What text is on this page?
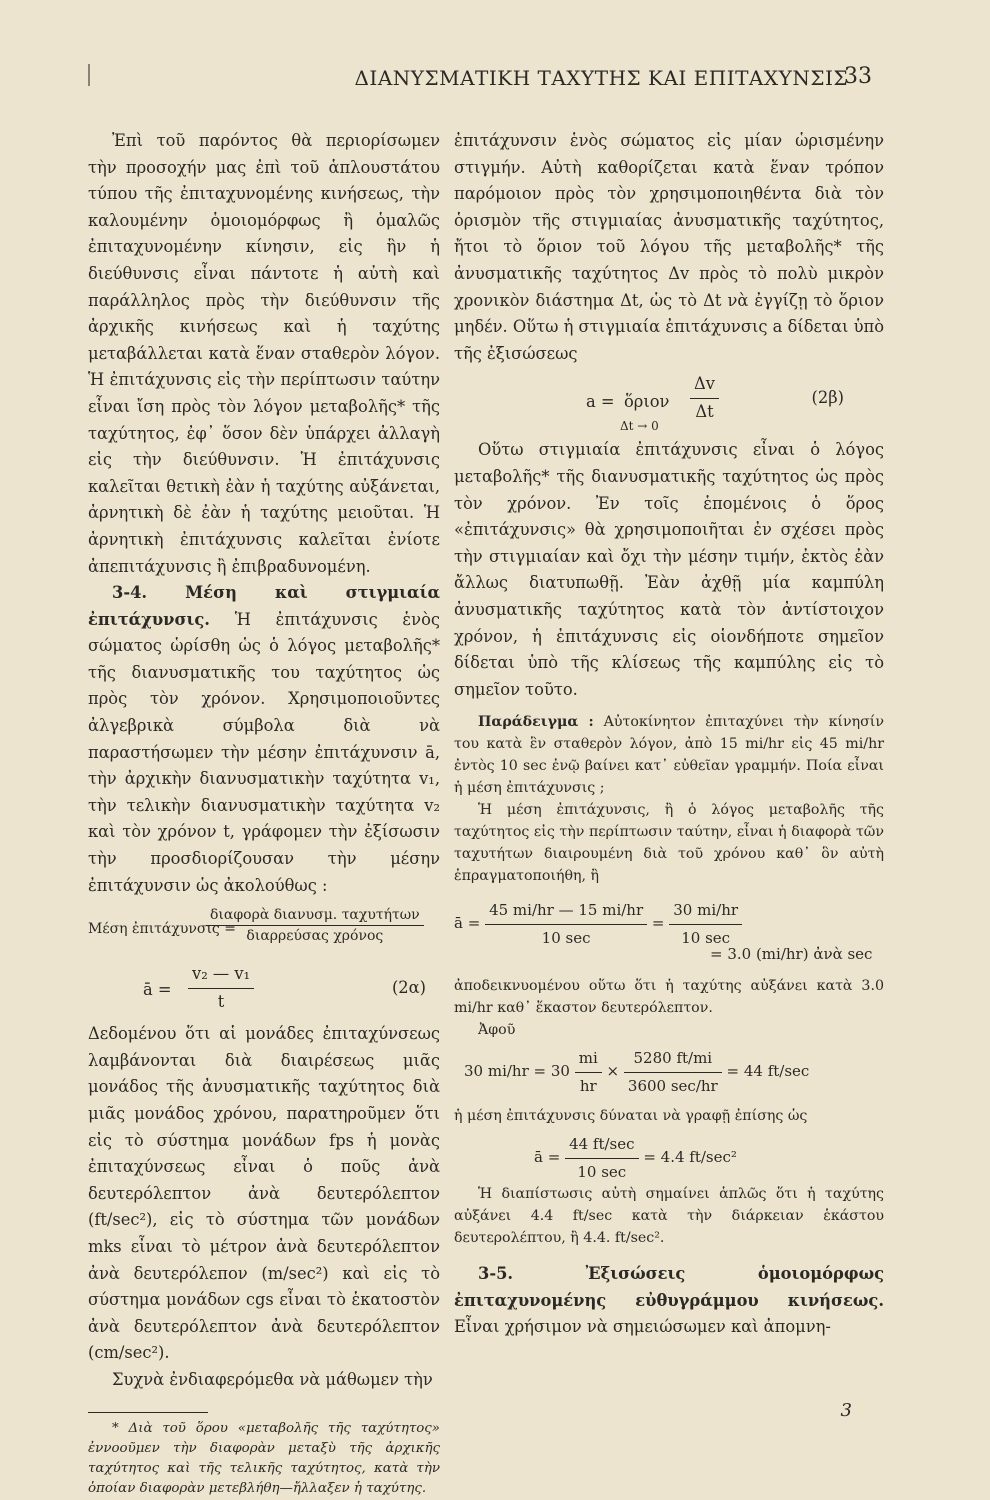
ΔΙΑΝΥΣΜΑΤΙΚΗ ΤΑΧΥΤΗΣ ΚΑΙ ΕΠΙΤΑΧΥΝΣΙΣ
33

Ἐπὶ τοῦ παρόντος θὰ περιορίσωμεν τὴν προσοχήν μας ἐπὶ τοῦ ἁπλουστάτου τύπου τῆς ἐπιταχυνομένης κινήσεως, τὴν καλουμένην ὁμοιομόρφως ἢ ὁμαλῶς ἐπιταχυνομένην κίνησιν, εἰς ἣν ἡ διεύθυνσις εἶναι πάντοτε ἡ αὐτὴ καὶ παράλληλος πρὸς τὴν διεύθυνσιν τῆς ἀρχικῆς κινήσεως καὶ ἡ ταχύτης μεταβάλλεται κατὰ ἕναν σταθερὸν λόγον. Ἡ ἐπιτάχυνσις εἰς τὴν περίπτωσιν ταύτην εἶναι ἴση πρὸς τὸν λόγον μεταβολῆς* τῆς ταχύτητος, ἐφ᾿ ὅσον δὲν ὑπάρχει ἀλλαγὴ εἰς τὴν διεύθυνσιν. Ἡ ἐπιτάχυνσις καλεῖται θετικὴ ἐὰν ἡ ταχύτης αὐξάνεται, ἀρνητικὴ δὲ ἐὰν ἡ ταχύτης μειοῦται. Ἡ ἀρνητικὴ ἐπιτάχυνσις καλεῖται ἐνίοτε ἀπεπιτάχυνσις ἢ ἐπιβραδυνομένη.

3-4. Μέση καὶ στιγμιαία ἐπιτάχυνσις. Ἡ ἐπιτάχυνσις ἑνὸς σώματος ὡρίσθη ὡς ὁ λόγος μεταβολῆς* τῆς διανυσματικῆς του ταχύτητος ὡς πρὸς τὸν χρόνον. Χρησιμοποιοῦντες ἀλγεβρικὰ σύμβολα διὰ νὰ παραστήσωμεν τὴν μέσην ἐπιτάχυνσιν ā, τὴν ἀρχικὴν διανυσματικὴν ταχύτητα v₁, τὴν τελικὴν διανυσματικὴν ταχύτητα v₂ καὶ τὸν χρόνον t, γράφομεν τὴν ἐξίσωσιν τὴν προσδιορίζουσαν τὴν μέσην ἐπιτάχυνσιν ὡς ἀκολούθως :

Μέση ἐπιτάχυνσις =
διαφορὰ διανυσμ. ταχυτήτων
διαρρεύσας χρόνος
ā = $\frac{\text{v₂ — v₁}}{t}$	(2α)

Δεδομένου ὅτι αἱ μονάδες ἐπιταχύνσεως λαμβάνονται διὰ διαιρέσεως μιᾶς μονάδος τῆς ἀνυσματικῆς ταχύτητος διὰ μιᾶς μονάδος χρόνου, παρατηροῦμεν ὅτι εἰς τὸ σύστημα μονάδων fps ἡ μονὰς ἐπιταχύνσεως εἶναι ὁ ποῦς ἀνὰ δευτερόλεπτον ἀνὰ δευτερόλεπτον (ft/sec²), εἰς τὸ σύστημα τῶν μονάδων mks εἶναι τὸ μέτρον ἀνὰ δευτερόλεπτον ἀνὰ δευτερόλεπον (m/sec²) καὶ εἰς τὸ σύστημα μονάδων cgs εἶναι τὸ ἑκατοστὸν ἀνὰ δευτερόλεπτον ἀνὰ δευτερόλεπτον (cm/sec²).

Συχνὰ ἐνδιαφερόμεθα νὰ μάθωμεν τὴν

* Διὰ τοῦ ὅρου «μεταβολῆς τῆς ταχύτητος» ἐννοοῦμεν τὴν διαφορὰν μεταξὺ τῆς ἀρχικῆς ταχύτητος καὶ τῆς τελικῆς ταχύτητος, κατὰ τὴν ὁποίαν διαφορὰν μετεβλήθη—ἤλλαξεν ἡ ταχύτης.

ἐπιτάχυνσιν ἑνὸς σώματος εἰς μίαν ὡρισμένην στιγμήν. Αὐτὴ καθορίζεται κατὰ ἕναν τρόπον παρόμοιον πρὸς τὸν χρησιμοποιηθέντα διὰ τὸν ὁρισμὸν τῆς στιγμιαίας ἀνυσματικῆς ταχύτητος, ἤτοι τὸ ὅριον τοῦ λόγου τῆς μεταβολῆς* τῆς ἀνυσματικῆς ταχύτητος Δv πρὸς τὸ πολὺ μικρὸν χρονικὸν διάστημα Δt, ὡς τὸ Δt νὰ ἐγγίζῃ τὸ ὅριον μηδέν. Οὕτω ἡ στιγμιαία ἐπιτάχυνσις a δίδεται ὑπὸ τῆς ἐξισώσεως

a = ὅριον
Δt → 0
$\frac{\Delta v}{\Delta t}$	(2β)

Οὕτω στιγμιαία ἐπιτάχυνσις εἶναι ὁ λόγος μεταβολῆς* τῆς διανυσματικῆς ταχύτητος ὡς πρὸς τὸν χρόνον. Ἐν τοῖς ἑπομένοις ὁ ὅρος «ἐπιτάχυνσις» θὰ χρησιμοποιῆται ἐν σχέσει πρὸς τὴν στιγμιαίαν καὶ ὄχι τὴν μέσην τιμήν, ἐκτὸς ἐὰν ἄλλως διατυπωθῇ. Ἐὰν ἀχθῇ μία καμπύλη ἀνυσματικῆς ταχύτητος κατὰ τὸν ἀντίστοιχον χρόνον, ἡ ἐπιτάχυνσις εἰς οἱονδήποτε σημεῖον δίδεται ὑπὸ τῆς κλίσεως τῆς καμπύλης εἰς τὸ σημεῖον τοῦτο.

Παράδειγμα : Αὐτοκίνητον ἐπιταχύνει τὴν κίνησίν του κατὰ ἓν σταθερὸν λόγον, ἀπὸ 15 mi/hr εἰς 45 mi/hr ἐντὸς 10 sec ἐνῷ βαίνει κατ᾿ εὐθεῖαν γραμμήν. Ποία εἶναι ἡ μέση ἐπιτάχυνσις ;

Ἡ μέση ἐπιτάχυνσις, ἢ ὁ λόγος μεταβολῆς τῆς ταχύτητος εἰς τὴν περίπτωσιν ταύτην, εἶναι ἡ διαφορὰ τῶν ταχυτήτων διαιρουμένη διὰ τοῦ χρόνου καθ᾿ ὃν αὐτὴ ἐπραγματοποιήθη, ἢ

ā = $\frac{45 mi/hr — 15 mi/hr}{10 \sec} = \frac{30 mi/hr}{10 \sec}$
= 3.0 (mi/hr) ἀνὰ sec

ἀποδεικνυομένου οὕτω ὅτι ἡ ταχύτης αὐξάνει κατὰ 3.0 mi/hr καθ᾿ ἕκαστον δευτερόλεπτον.

Ἀφοῦ

30 $mi/hr = 30 \frac{mi}{hr} \times \frac{5280 ft/mi}{3600 \sec/hr} = 44$ ft/sec

ἡ μέση ἐπιτάχυνσις δύναται νὰ γραφῇ ἐπίσης ὡς

ā = $\frac{44 ft/\sec}{10 \sec} = 4.4$ ft/sec²

Ἡ διαπίστωσις αὐτὴ σημαίνει ἁπλῶς ὅτι ἡ ταχύτης αὐξάνει 4.4 ft/sec κατὰ τὴν διάρκειαν ἑκάστου δευτερολέπτου, ἢ 4.4. ft/sec².

3-5. Ἐξισώσεις ὁμοιομόρφως ἐπιταχυνομένης εὐθυγράμμου κινήσεως. Εἶναι χρήσιμον νὰ σημειώσωμεν καὶ ἀπομνη-

3
